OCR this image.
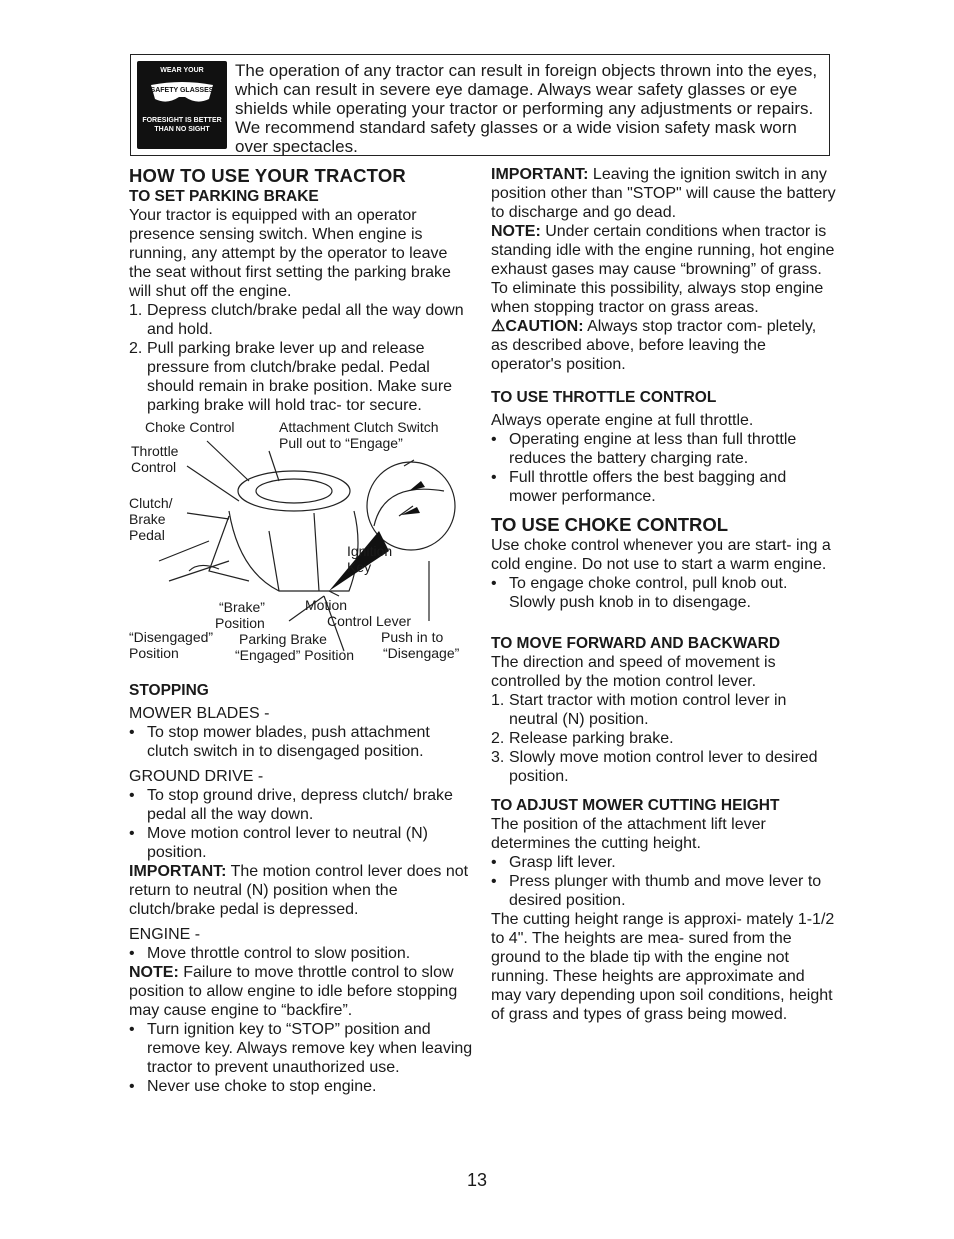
WEAR YOUR
SAFETY GLASSES
FORESIGHT IS BETTER
THAN NO SIGHT
The operation of any tractor can result in foreign objects thrown into the eyes, which can result in severe eye damage. Always wear safety glasses or eye shields while operating your tractor or performing any adjustments or repairs. We recommend standard safety glasses or a wide vision safety mask worn over spectacles.
HOW TO USE YOUR TRACTOR
TO SET PARKING BRAKE

Your tractor is equipped with an operator presence sensing switch. When engine is running, any attempt by the operator to leave the seat without first setting the parking brake will shut off the engine.

1. Depress clutch/brake pedal all the way down and hold.
2. Pull parking brake lever up and release pressure from clutch/brake pedal. Pedal should remain in brake position. Make sure parking brake will hold trac- tor secure.
Choke Control	Attachment Clutch Switch
Pull out to “Engage”
Throttle
Control
Clutch/
Brake
Pedal
Ignition
Key
“Brake”
Position
Motion
Control Lever
“Disengaged”
Position
Parking Brake
“Engaged” Position
Push in to
“Disengage”
STOPPING

MOWER BLADES -

• To stop mower blades, push attachment clutch switch in to disengaged position.

GROUND DRIVE -

• To stop ground drive, depress clutch/ brake pedal all the way down.
• Move motion control lever to neutral (N) position.

IMPORTANT: The motion control lever does not return to neutral (N) position when the clutch/brake pedal is depressed.

ENGINE -

• Move throttle control to slow position.

NOTE: Failure to move throttle control to slow position to allow engine to idle before stopping may cause engine to “backfire”.

• Turn ignition key to “STOP” position and remove key. Always remove key when leaving tractor to prevent unauthorized use.
• Never use choke to stop engine.

IMPORTANT: Leaving the ignition switch in any position other than "STOP" will cause the battery to discharge and go dead.

NOTE: Under certain conditions when tractor is standing idle with the engine running, hot engine exhaust gases may cause “browning” of grass. To eliminate this possibility, always stop engine when stopping tractor on grass areas.

⚠CAUTION: Always stop tractor com- pletely, as described above, before leaving the operator's position.

TO USE THROTTLE CONTROL

Always operate engine at full throttle.

• Operating engine at less than full throttle reduces the battery charging rate.
• Full throttle offers the best bagging and mower performance.
TO USE CHOKE CONTROL

Use choke control whenever you are start- ing a cold engine. Do not use to start a warm engine.

• To engage choke control, pull knob out. Slowly push knob in to disengage.
TO MOVE FORWARD AND BACKWARD

The direction and speed of movement is controlled by the motion control lever.

1. Start tractor with motion control lever in neutral (N) position.
2. Release parking brake.
3. Slowly move motion control lever to desired position.
TO ADJUST MOWER CUTTING HEIGHT

The position of the attachment lift lever determines the cutting height.

• Grasp lift lever.
• Press plunger with thumb and move lever to desired position.

The cutting height range is approxi- mately 1-1/2 to 4". The heights are mea- sured from the ground to the blade tip with the engine not running. These heights are approximate and may vary depending upon soil conditions, height of grass and types of grass being mowed.

13
